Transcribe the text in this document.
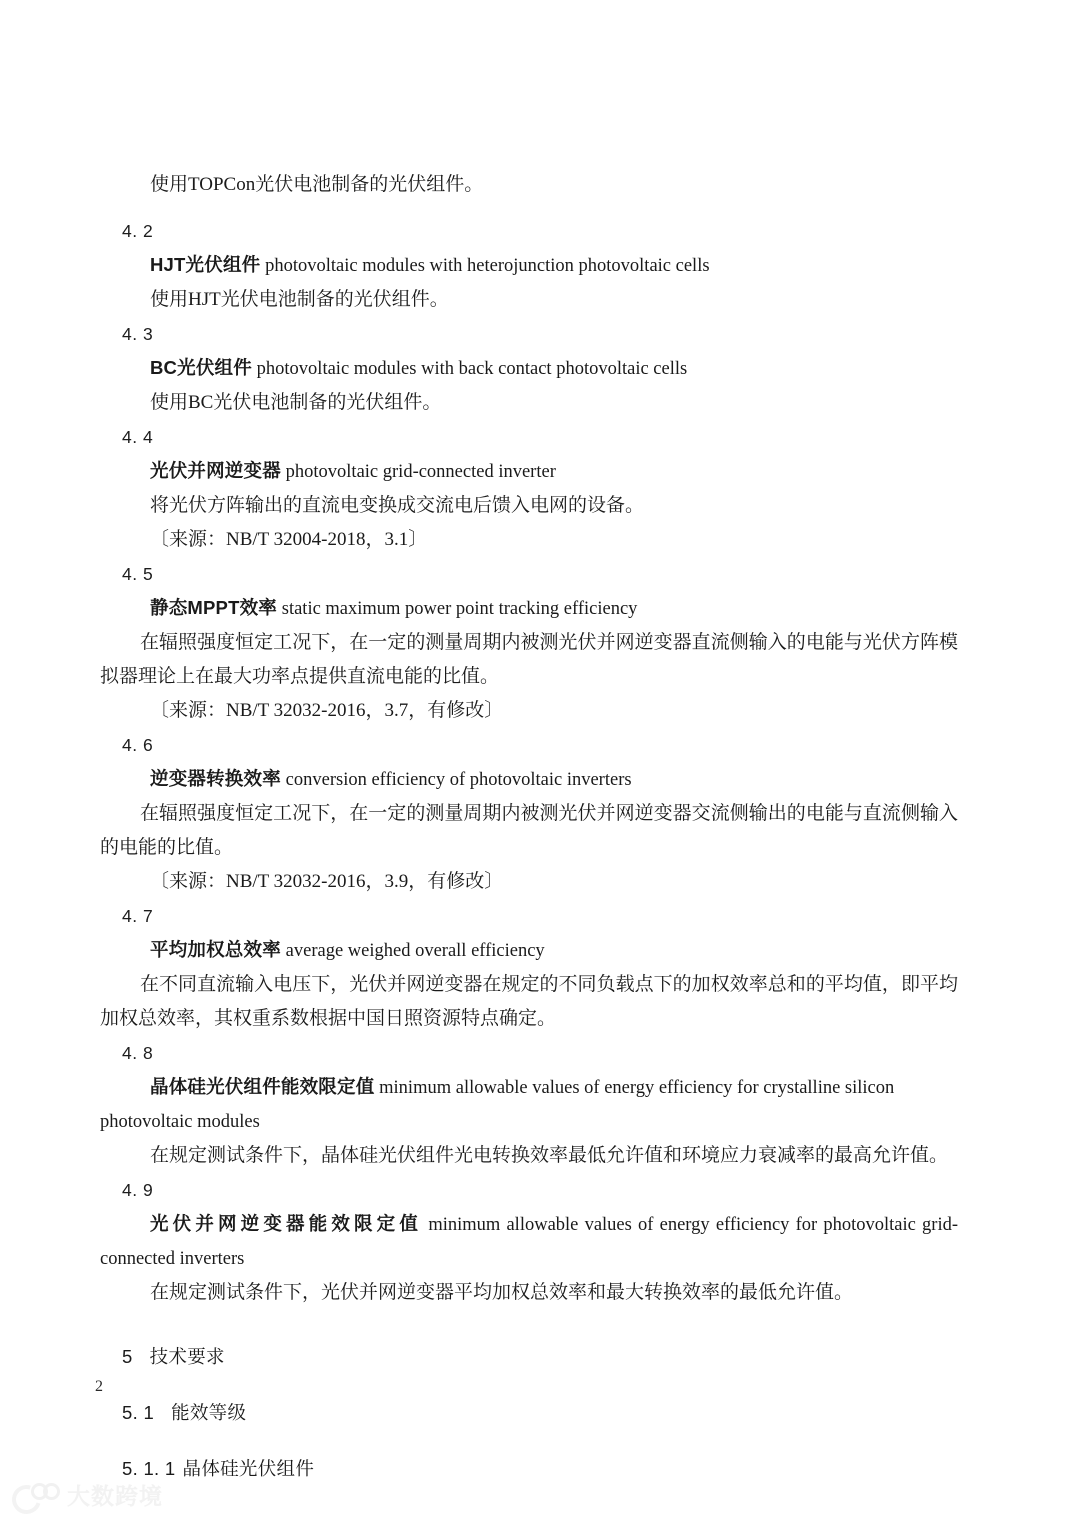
使用TOPCon光伏电池制备的光伏组件。

4. 2
HJT光伏组件 photovoltaic modules with heterojunction photovoltaic cells

使用HJT光伏电池制备的光伏组件。

4. 3
BC光伏组件 photovoltaic modules with back contact photovoltaic cells

使用BC光伏电池制备的光伏组件。

4. 4
光伏并网逆变器 photovoltaic grid-connected inverter

将光伏方阵输出的直流电变换成交流电后馈入电网的设备。

〔来源：NB/T 32004-2018，3.1〕
4. 5
静态MPPT效率 static maximum power point tracking efficiency

在辐照强度恒定工况下，在一定的测量周期内被测光伏并网逆变器直流侧输入的电能与光伏方阵模拟器理论上在最大功率点提供直流电能的比值。

〔来源：NB/T 32032-2016，3.7，有修改〕
4. 6
逆变器转换效率 conversion efficiency of photovoltaic inverters

在辐照强度恒定工况下，在一定的测量周期内被测光伏并网逆变器交流侧输出的电能与直流侧输入的电能的比值。

〔来源：NB/T 32032-2016，3.9，有修改〕
4. 7
平均加权总效率 average weighed overall efficiency

在不同直流输入电压下，光伏并网逆变器在规定的不同负载点下的加权效率总和的平均值，即平均加权总效率，其权重系数根据中国日照资源特点确定。

4. 8
晶体硅光伏组件能效限定值 minimum allowable values of energy efficiency for crystalline silicon photovoltaic modules

在规定测试条件下，晶体硅光伏组件光电转换效率最低允许值和环境应力衰减率的最高允许值。

4. 9
光伏并网逆变器能效限定值 minimum allowable values of energy efficiency for photovoltaic grid-connected inverters

在规定测试条件下，光伏并网逆变器平均加权总效率和最大转换效率的最低允许值。

5 技术要求
5. 1 能效等级
5. 1. 1 晶体硅光伏组件
2
大数跨境
